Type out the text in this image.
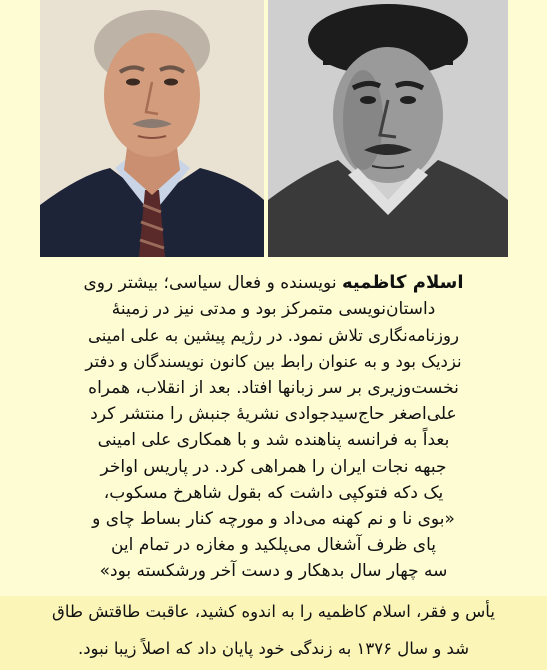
اسلام کاظمیه نویسنده و فعال سیاسی؛ بیشتر روی
داستان‌نویسی متمرکز بود و مدتی نیز در زمینهٔ
روزنامه‌نگاری تلاش نمود. در رژیم پیشین به علی امینی
نزدیک بود و به عنوان رابط بین کانون نویسندگان و دفتر
نخست‌وزیری بر سر زبانها افتاد. بعد از انقلاب، همراه
علی‌اصغر حاج‌سیدجوادی نشریهٔ جنبش را منتشر کرد
بعداً به فرانسه پناهنده شد و با همکاری علی امینی
جبهه نجات ایران را همراهی کرد. در پاریس اواخر
یک دکه فتوکپی داشت که بقول شاهرخ مسکوب،
«بوی نا و نم کهنه می‌داد و مورچه کنار بساط چای و
پای ظرف آشغال می‌پلکید و مغازه در تمام این
سه چهار سال بدهکار و دست آخر ورشکسته بود»
یأس و فقر، اسلام کاظمیه را به اندوه کشید، عاقبت طاقتش طاق
شد و سال ۱۳۷۶ به زندگی خود پایان داد که اصلاً زیبا نبود.
